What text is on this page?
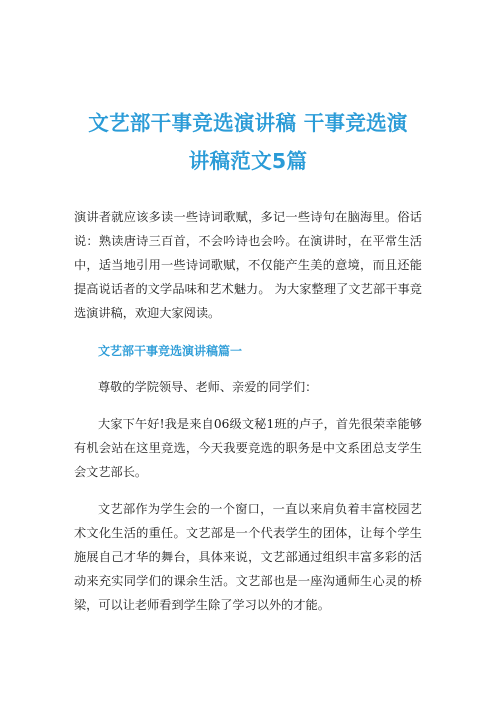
文艺部干事竞选演讲稿 干事竞选演
讲稿范文5篇

演讲者就应该多读一些诗词歌赋，多记一些诗句在脑海里。俗话说：熟读唐诗三百首，不会吟诗也会吟。在演讲时，在平常生活中，适当地引用一些诗词歌赋，不仅能产生美的意境，而且还能提高说话者的文学品味和艺术魅力。 为大家整理了文艺部干事竞选演讲稿，欢迎大家阅读。

文艺部干事竞选演讲稿篇一

尊敬的学院领导、老师、亲爱的同学们：

大家下午好!我是来自06级文秘1班的卢子，首先很荣幸能够有机会站在这里竞选，今天我要竞选的职务是中文系团总支学生会文艺部长。

文艺部作为学生会的一个窗口，一直以来肩负着丰富校园艺术文化生活的重任。文艺部是一个代表学生的团体，让每个学生施展自己才华的舞台，具体来说，文艺部通过组织丰富多彩的活动来充实同学们的课余生活。文艺部也是一座沟通师生心灵的桥梁，可以让老师看到学生除了学习以外的才能。
